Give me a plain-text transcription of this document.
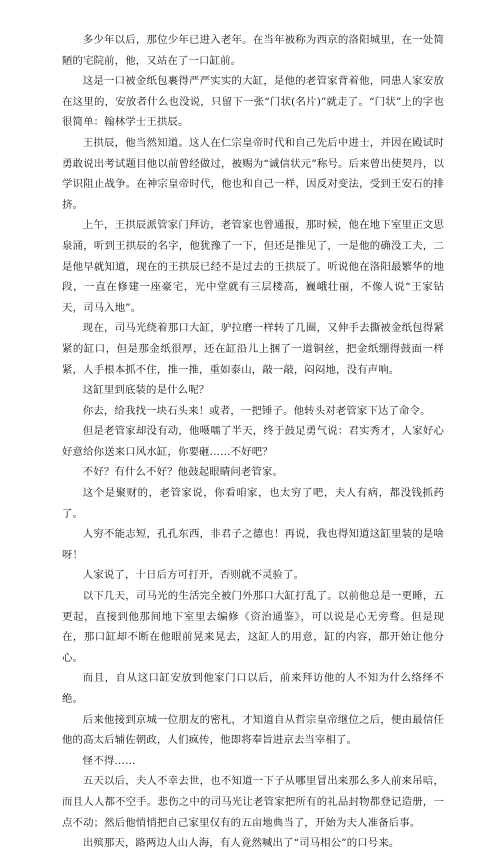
多少年以后，那位少年已进入老年。在当年被称为西京的洛阳城里，在一处简陋的宅院前，他，又站在了一口缸前。

这是一口被金纸包裹得严严实实的大缸，是他的老管家背着他，同患人家安放在这里的，安放者什么也没说，只留下一张“门状(名片)”就走了。“门状”上的字也很简单：翰林学士王拱辰。

王拱辰，他当然知道。这人在仁宗皇帝时代和自己先后中进士，并因在殿试时勇敢说出考试题目他以前曾经做过，被赐为“诚信状元”称号。后来曾出使契丹，以学识阻止战争。在神宗皇帝时代，他也和自己一样，因反对变法，受到王安石的排挤。

上午，王拱辰派管家门拜访，老管家也曾通报，那时候，他在地下室里正文思泉涌，听到王拱辰的名字，他犹豫了一下，但还是推见了，一是他的确没工夫，二是他早就知道，现在的王拱辰已经不是过去的王拱辰了。听说他在洛阳最繁华的地段，一直在修建一座豪宅，光中堂就有三层楼高，巍峨壮丽，不像人说“王家钻天，司马入地”。

现在，司马光绕着那口大缸，驴拉磨一样转了几圈，又伸手去撕被金纸包得紧紧的缸口，但是那金纸很厚，还在缸沿儿上捆了一道铜丝，把金纸绷得鼓面一样紧，人手根本抓不住，推一推，重如泰山，敲一敲，闷闷地，没有声响。

这缸里到底装的是什么呢？

你去，给我找一块石头来！或者，一把锤子。他转头对老管家下达了命令。

但是老管家却没有动，他嗫嚅了半天，终于鼓足勇气说：君实秀才，人家好心好意给你送来口风水缸，你要砸……不好吧？

不好？有什么不好？他鼓起眼睛问老管家。

这个是聚财的，老管家说，你看咱家，也太穷了吧，夫人有病，都没钱抓药了。

人穷不能志短，孔孔东西，非君子之德也！再说，我也得知道这缸里装的是啥呀！

人家说了，十日后方可打开，否则就不灵验了。

以下几天，司马光的生活完全被门外那口大缸打乱了。以前他总是一更睡，五更起，直接到他那间地下室里去编修《资治通鉴》，可以说是心无旁骛。但是现在，那口缸却不断在他眼前晃来晃去，这缸人的用意，缸的内容，都开始让他分心。

而且，自从这口缸安放到他家门口以后，前来拜访他的人不知为什么络绎不绝。

后来他接到京城一位朋友的密札，才知道自从哲宗皇帝继位之后，便由最信任他的高太后辅佐朝政，人们疯传，他即将奉旨进京去当宰相了。

怪不得……

五天以后，夫人不幸去世，也不知道一下子从哪里冒出来那么多人前来吊唁，而且人人都不空手。悲伤之中的司马光让老管家把所有的礼品封物都登记造册，一点不动；然后他悄悄把自己家里仅有的五亩地典当了，开始为夫人准备后事。

出殡那天，路两边人山人海，有人竟然喊出了“司马相公”的口号来。
